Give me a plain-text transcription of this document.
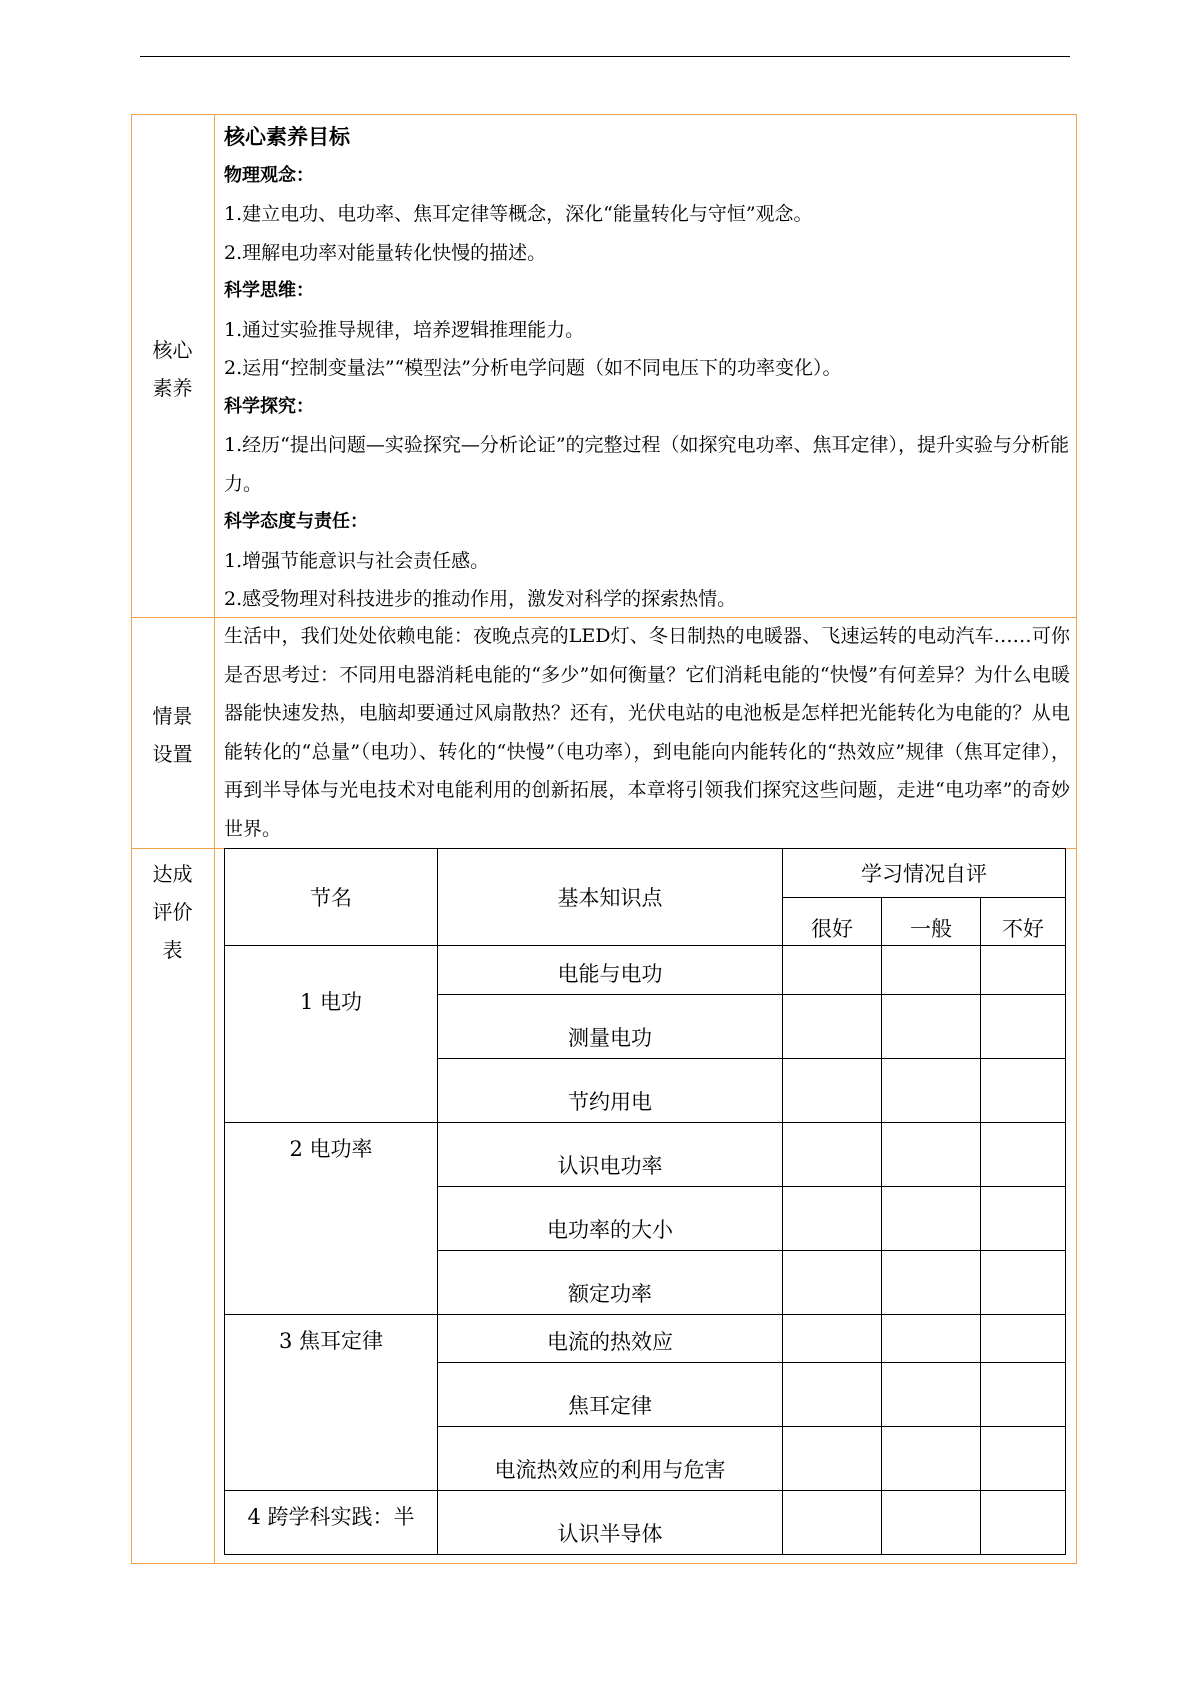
核心
素养

核心素养目标

物理观念：

1.建立电功、电功率、焦耳定律等概念，深化“能量转化与守恒”观念。

2.理解电功率对能量转化快慢的描述。

科学思维：

1.通过实验推导规律，培养逻辑推理能力。

2.运用“控制变量法”“模型法”分析电学问题（如不同电压下的功率变化）。

科学探究：

1.经历“提出问题—实验探究—分析论证”的完整过程（如探究电功率、焦耳定律），提升实验与分析能力。

科学态度与责任：

1.增强节能意识与社会责任感。

2.感受物理对科技进步的推动作用，激发对科学的探索热情。

情景
设置
生活中，我们处处依赖电能：夜晚点亮的LED灯、冬日制热的电暖器、飞速运转的电动汽车……可你是否思考过：不同用电器消耗电能的“多少”如何衡量？它们消耗电能的“快慢”有何差异？为什么电暖器能快速发热，电脑却要通过风扇散热？还有，光伏电站的电池板是怎样把光能转化为电能的？从电能转化的“总量”（电功）、转化的“快慢”（电功率），到电能向内能转化的“热效应”规律（焦耳定律），再到半导体与光电技术对电能利用的创新拓展，本章将引领我们探究这些问题，走进“电功率”的奇妙世界。
达成
评价
表
节名	基本知识点	学习情况自评		
		很好	一般	不好
1 电功	电能与电功			
	测量电功			
	节约用电			
2 电功率	认识电功率			
	电功率的大小			
	额定功率			
3 焦耳定律	电流的热效应			
	焦耳定律			
	电流热效应的利用与危害			
4 跨学科实践：半	认识半导体			
